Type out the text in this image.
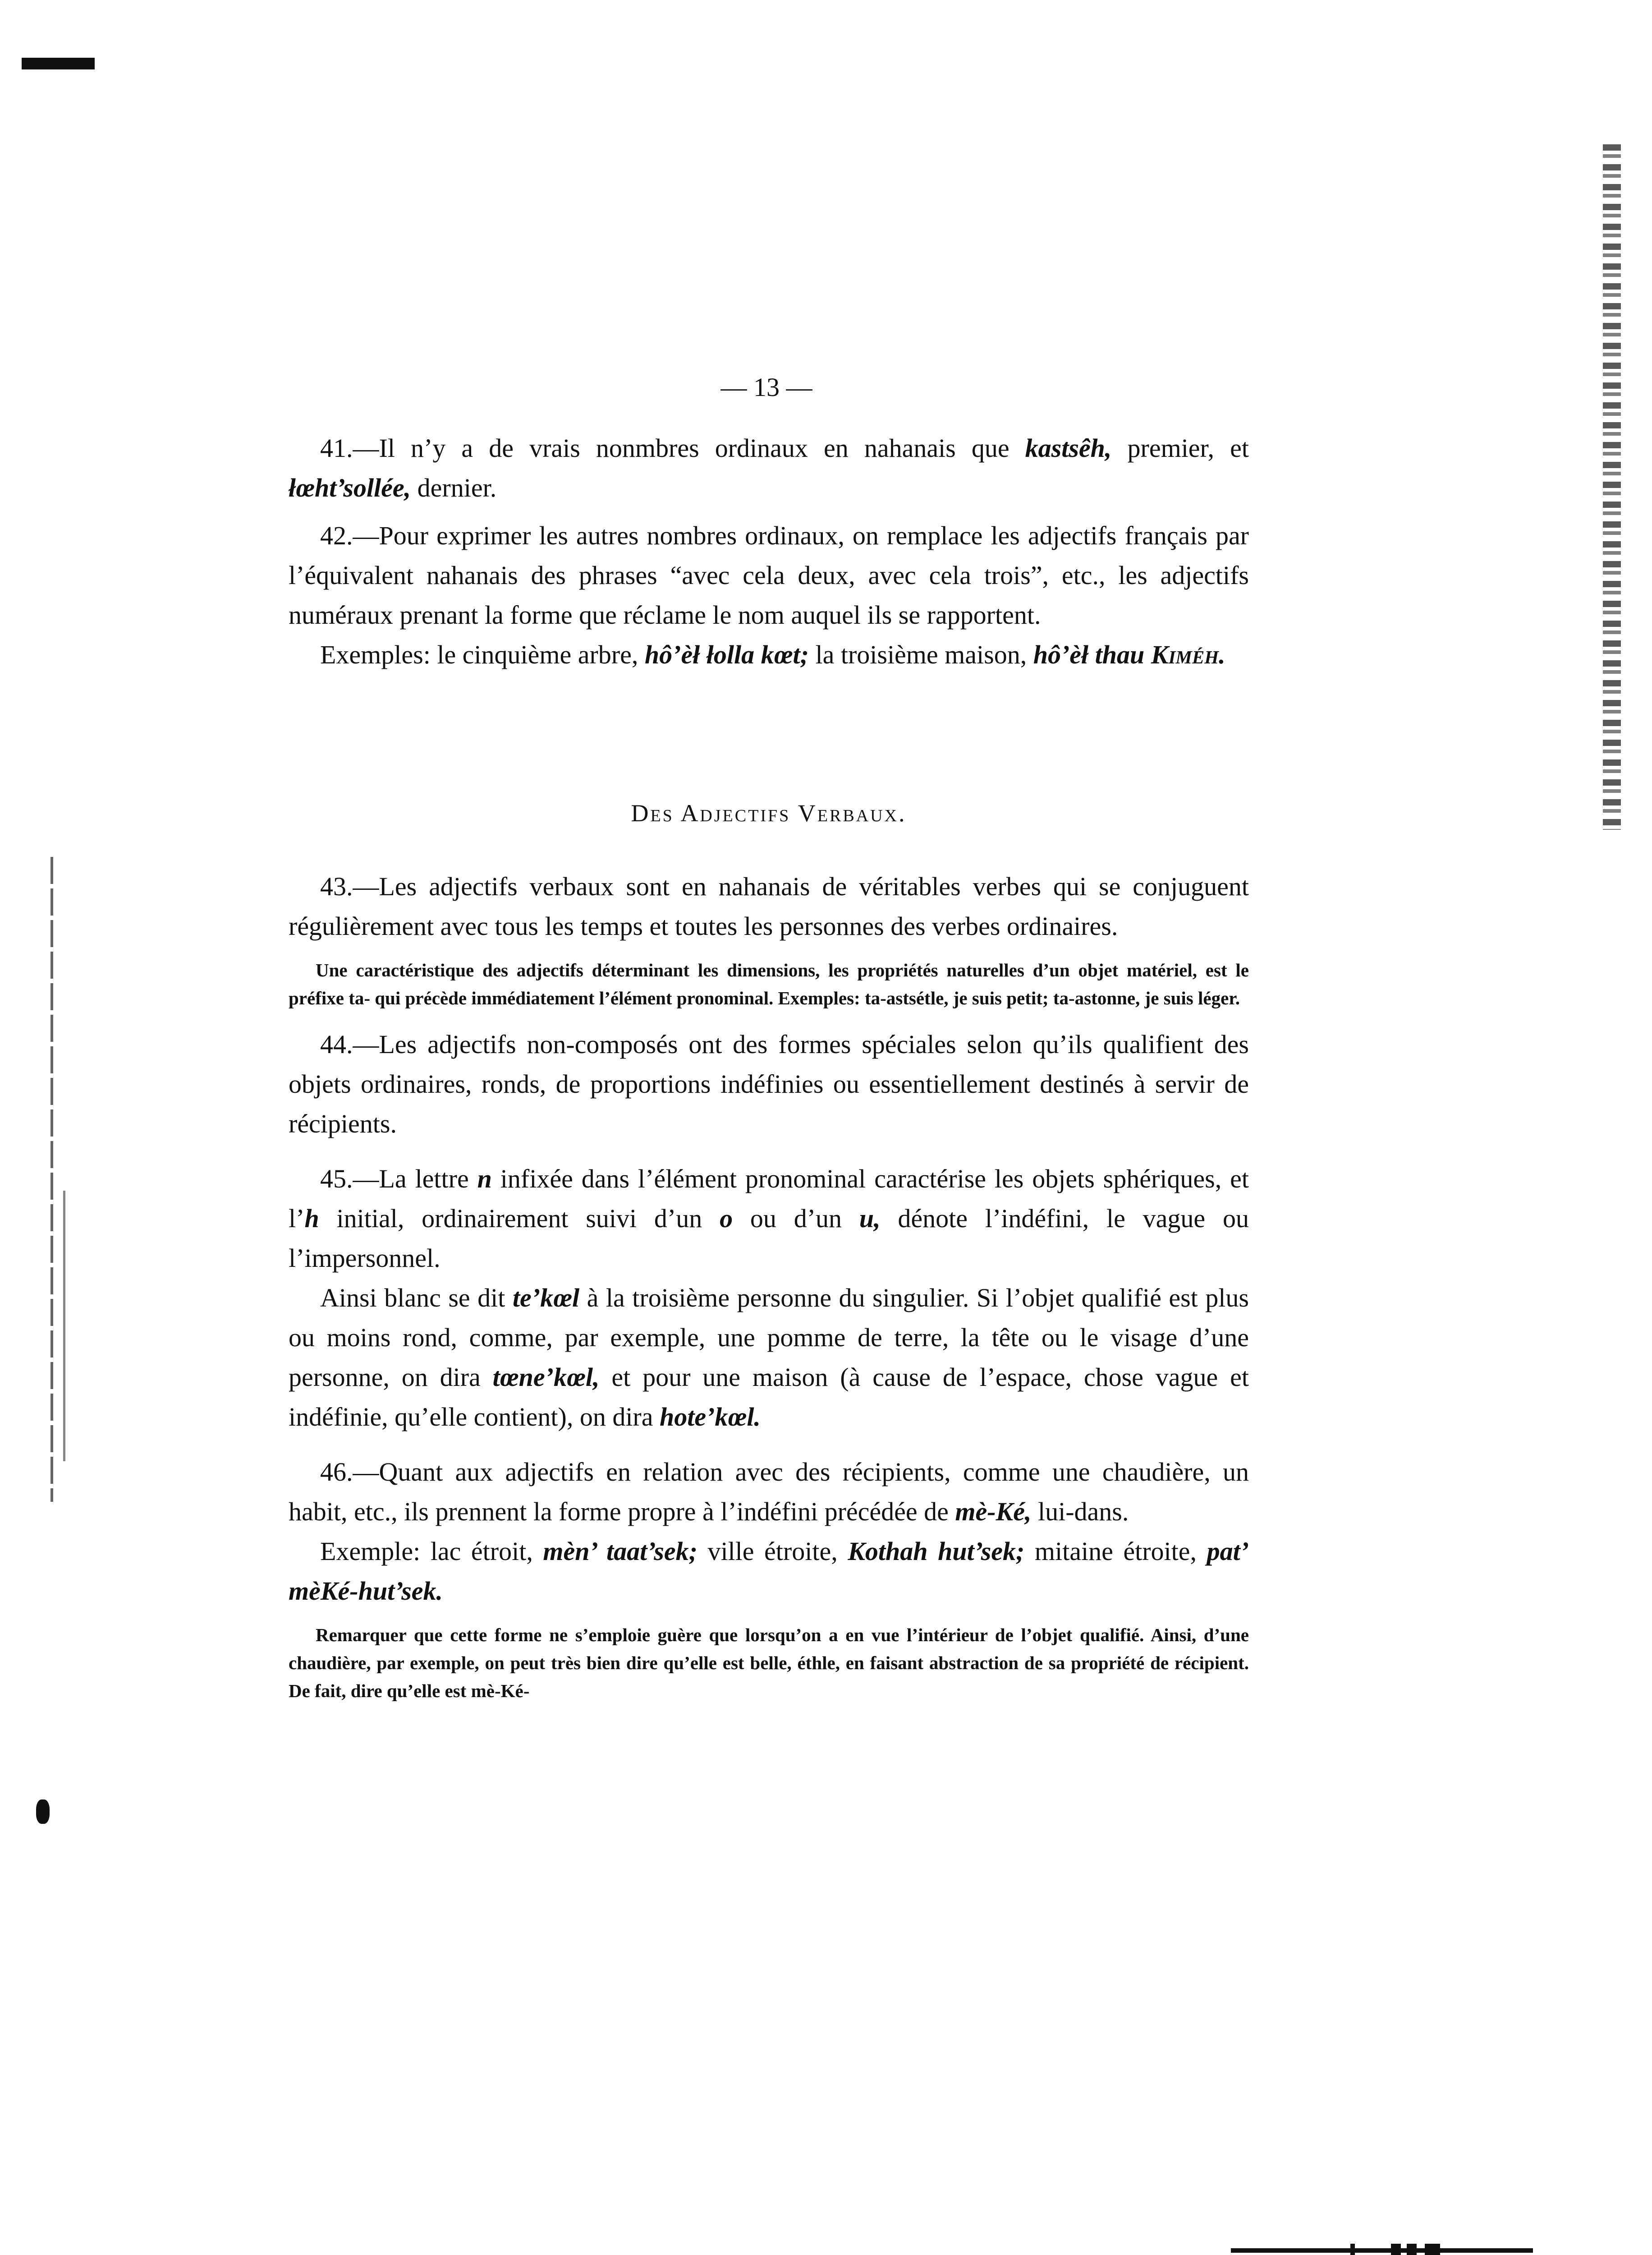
— 13 —

41.—Il n’y a de vrais nonmbres ordinaux en nahanais que kastsêh, premier, et łœht’sollée, dernier.

42.—Pour exprimer les autres nombres ordinaux, on remplace les adjectifs français par l’équivalent nahanais des phrases “avec cela deux, avec cela trois”, etc., les adjectifs numéraux prenant la forme que réclame le nom auquel ils se rapportent.

Exemples: le cinquième arbre, hô’èł łolla kœt; la troisième maison, hô’èł thau Kiméh.

Des Adjectifs Verbaux.

43.—Les adjectifs verbaux sont en nahanais de véritables verbes qui se conjuguent régulièrement avec tous les temps et toutes les personnes des verbes ordinaires.

Une caractéristique des adjectifs déterminant les dimensions, les propriétés naturelles d’un objet matériel, est le préfixe ta- qui précède immédiatement l’élément pronominal. Exemples: ta-astsétle, je suis petit; ta-astonne, je suis léger.

44.—Les adjectifs non-composés ont des formes spéciales selon qu’ils qualifient des objets ordinaires, ronds, de proportions indéfinies ou essentiellement destinés à servir de récipients.

45.—La lettre n infixée dans l’élément pronominal caractérise les objets sphériques, et l’h initial, ordinairement suivi d’un o ou d’un u, dénote l’indéfini, le vague ou l’impersonnel.

Ainsi blanc se dit te’kœl à la troisième personne du singulier. Si l’objet qualifié est plus ou moins rond, comme, par exemple, une pomme de terre, la tête ou le visage d’une personne, on dira tœne’kœl, et pour une maison (à cause de l’espace, chose vague et indéfinie, qu’elle contient), on dira hote’kœl.

46.—Quant aux adjectifs en relation avec des récipients, comme une chaudière, un habit, etc., ils prennent la forme propre à l’indéfini précédée de mè-Ké, lui-dans.

Exemple: lac étroit, mèn’ taat’sek; ville étroite, Kothah hut’sek; mitaine étroite, pat’ mèKé-hut’sek.

Remarquer que cette forme ne s’emploie guère que lorsqu’on a en vue l’intérieur de l’objet qualifié. Ainsi, d’une chaudière, par exemple, on peut très bien dire qu’elle est belle, éthle, en faisant abstraction de sa propriété de récipient. De fait, dire qu’elle est mè-Ké-
